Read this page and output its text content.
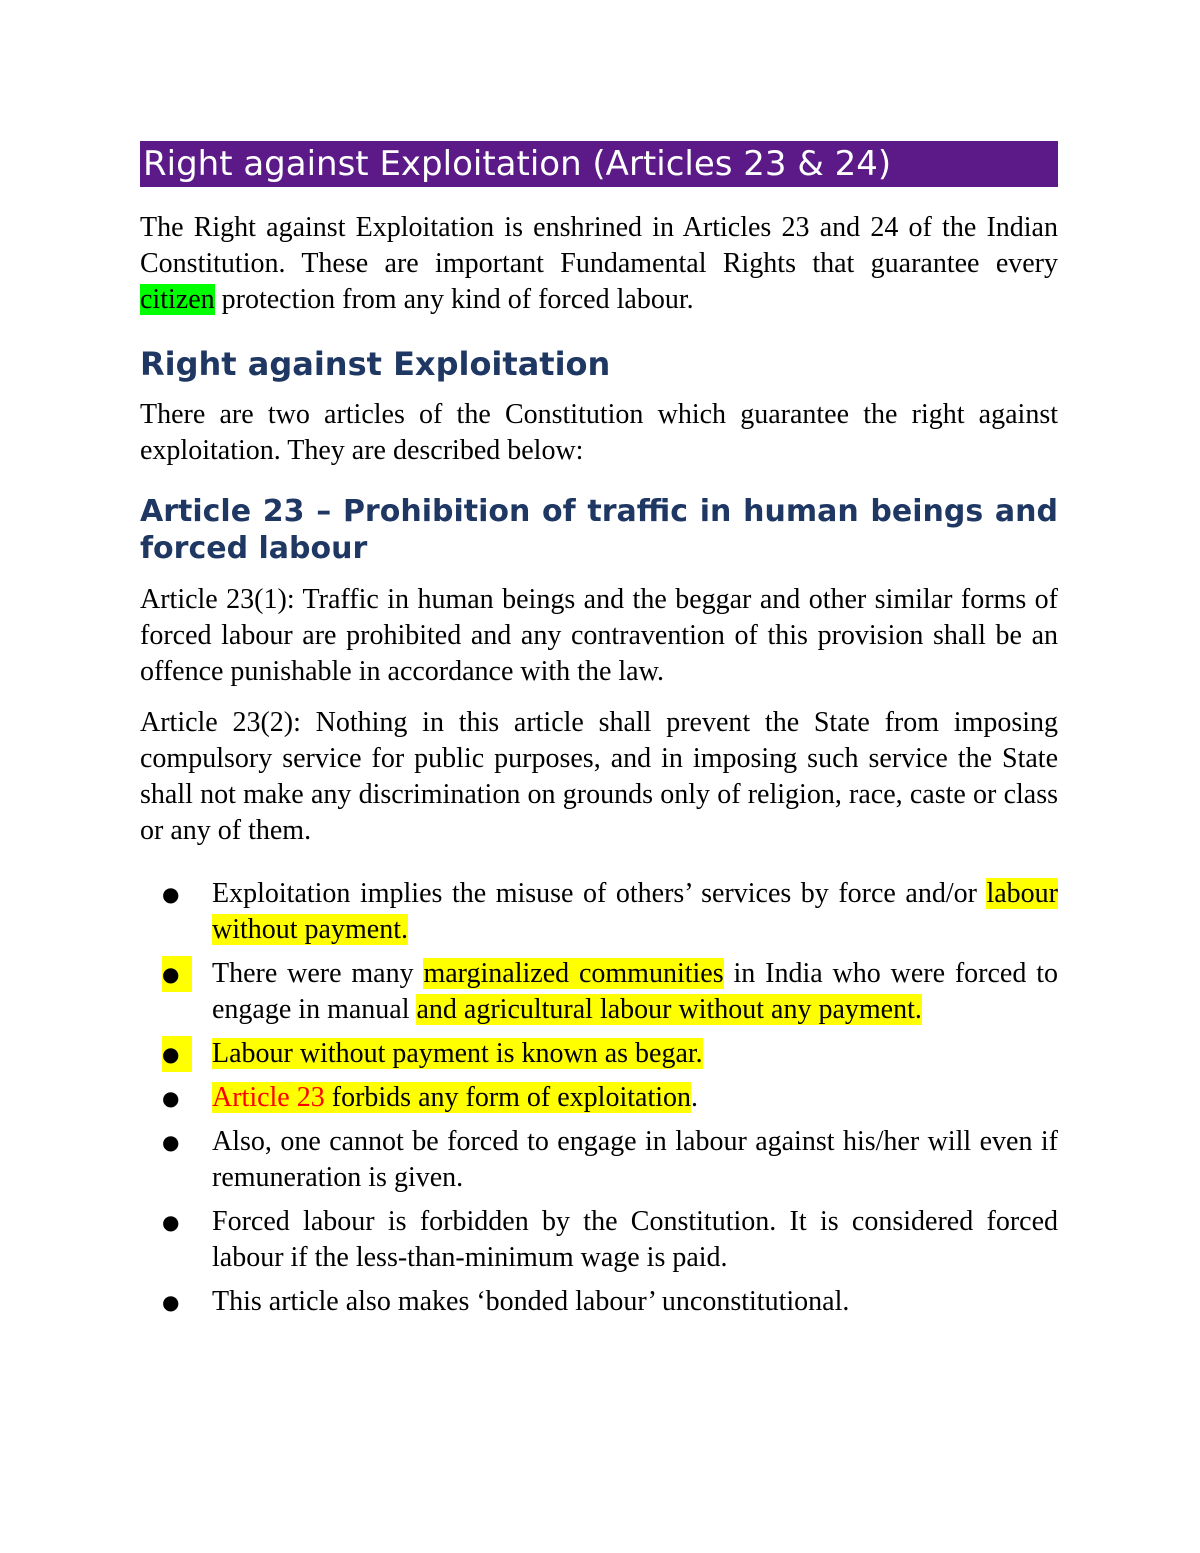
Right against Exploitation (Articles 23 & 24)

The Right against Exploitation is enshrined in Articles 23 and 24 of the Indian Constitution. These are important Fundamental Rights that guarantee every citizen protection from any kind of forced labour.

Right against Exploitation

There are two articles of the Constitution which guarantee the right against exploitation. They are described below:

Article 23 – Prohibition of traffic in human beings and forced labour

Article 23(1): Traffic in human beings and the beggar and other similar forms of forced labour are prohibited and any contravention of this provision shall be an offence punishable in accordance with the law.

Article 23(2): Nothing in this article shall prevent the State from imposing compulsory service for public purposes, and in imposing such service the State shall not make any discrimination on grounds only of religion, race, caste or class or any of them.

●	Exploitation implies the misuse of others’ services by force and/or labour without payment.
●	There were many marginalized communities in India who were forced to engage in manual and agricultural labour without any payment.
●	Labour without payment is known as begar.
●	Article 23 forbids any form of exploitation.
●	Also, one cannot be forced to engage in labour against his/her will even if remuneration is given.
●	Forced labour is forbidden by the Constitution. It is considered forced labour if the less-than-minimum wage is paid.
●	This article also makes ‘bonded labour’ unconstitutional.
